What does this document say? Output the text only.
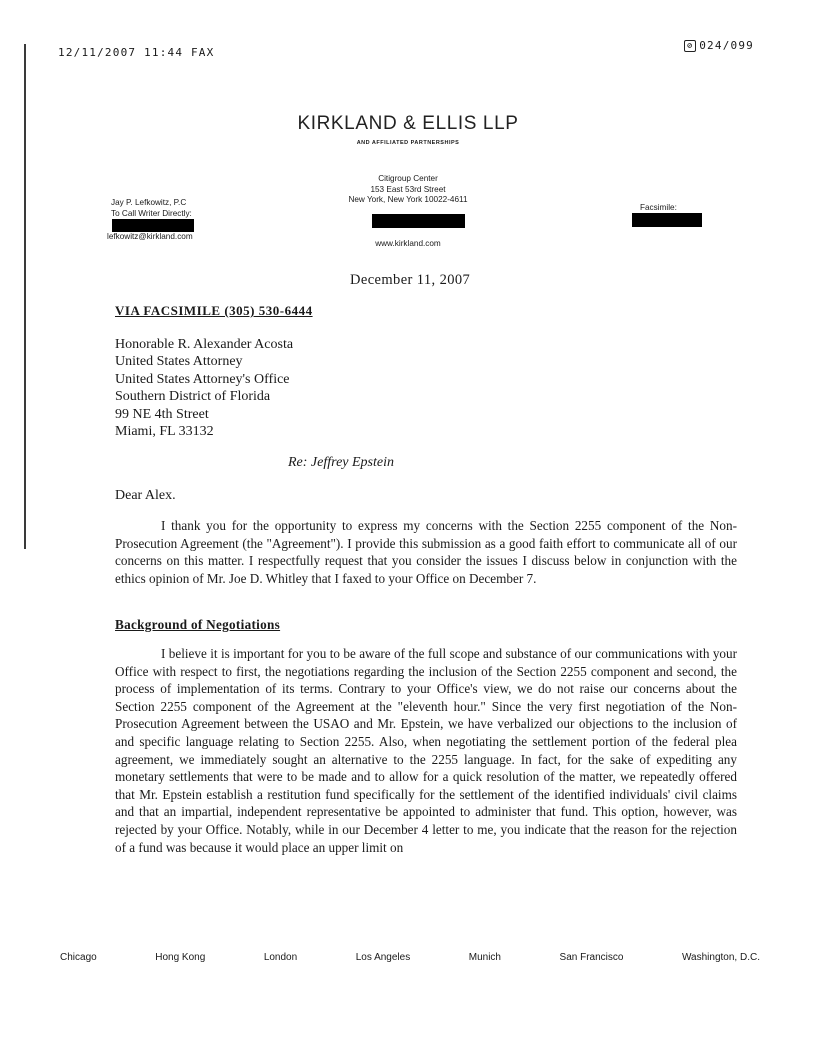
12/11/2007 11:44 FAX
⊘ 024/099
KIRKLAND & ELLIS LLP
AND AFFILIATED PARTNERSHIPS
Citigroup Center
153 East 53rd Street
New York, New York 10022-4611
www.kirkland.com
Jay P. Lefkowitz, P.C
To Call Writer Directly:
lefkowitz@kirkland.com
Facsimile:
December 11, 2007
VIA FACSIMILE (305) 530-6444
Honorable R. Alexander Acosta
United States Attorney
United States Attorney's Office
Southern District of Florida
99 NE 4th Street
Miami, FL 33132
Re: Jeffrey Epstein
Dear Alex.

I thank you for the opportunity to express my concerns with the Section 2255 component of the Non-Prosecution Agreement (the "Agreement"). I provide this submission as a good faith effort to communicate all of our concerns on this matter. I respectfully request that you consider the issues I discuss below in conjunction with the ethics opinion of Mr. Joe D. Whitley that I faxed to your Office on December 7.

Background of Negotiations

I believe it is important for you to be aware of the full scope and substance of our communications with your Office with respect to first, the negotiations regarding the inclusion of the Section 2255 component and second, the process of implementation of its terms. Contrary to your Office's view, we do not raise our concerns about the Section 2255 component of the Agreement at the "eleventh hour." Since the very first negotiation of the Non-Prosecution Agreement between the USAO and Mr. Epstein, we have verbalized our objections to the inclusion of and specific language relating to Section 2255. Also, when negotiating the settlement portion of the federal plea agreement, we immediately sought an alternative to the 2255 language. In fact, for the sake of expediting any monetary settlements that were to be made and to allow for a quick resolution of the matter, we repeatedly offered that Mr. Epstein establish a restitution fund specifically for the settlement of the identified individuals' civil claims and that an impartial, independent representative be appointed to administer that fund. This option, however, was rejected by your Office. Notably, while in our December 4 letter to me, you indicate that the reason for the rejection of a fund was because it would place an upper limit on

Chicago	Hong Kong	London	Los Angeles	Munich	San Francisco	Washington, D.C.
